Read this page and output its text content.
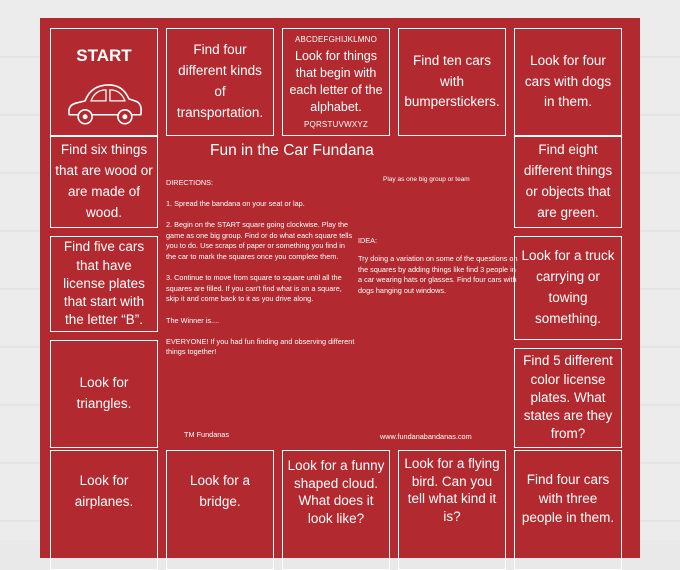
START	Find four different kinds of transportation.
ABCDEFGHIJKLMNO
Look for things that begin with each letter of the alphabet.
PQRSTUVWXYZ
Find ten cars with bumperstickers.
Look for four cars with dogs in them.
Find six things that are wood or are made of wood.
Find five cars that have license plates that start with the letter “B”.
Look for triangles.
Find eight different things or objects that are green.
Look for a truck carrying or towing something.
Find 5 different color license plates. What states are they from?
Look for airplanes.
Look for a bridge.
Look for a funny shaped cloud. What does it look like?
Look for a flying bird. Can you tell what kind it is?
Find four cars with three people in them.
Fun in the Car Fundana
Play as one big group or team
DIRECTIONS:

1. Spread the bandana on your seat or lap.

2. Begin on the START square going clockwise. Play the game as one big group. Find or do what each square tells you to do. Use scraps of paper or something you find in the car to mark the squares once you complete them.

3. Continue to move from square to square until all the squares are filled. If you can't find what is on a square, skip it and come back to it as you drive along.

The Winner is....

EVERYONE! If you had fun finding and observing different things together!
IDEA:
Try doing a variation on some of the questions on the squares by adding things like find 3 people in a car wearing hats or glasses. Find four cars with dogs hanging out windows.
TM Fundanas	www.fundanabandanas.com
